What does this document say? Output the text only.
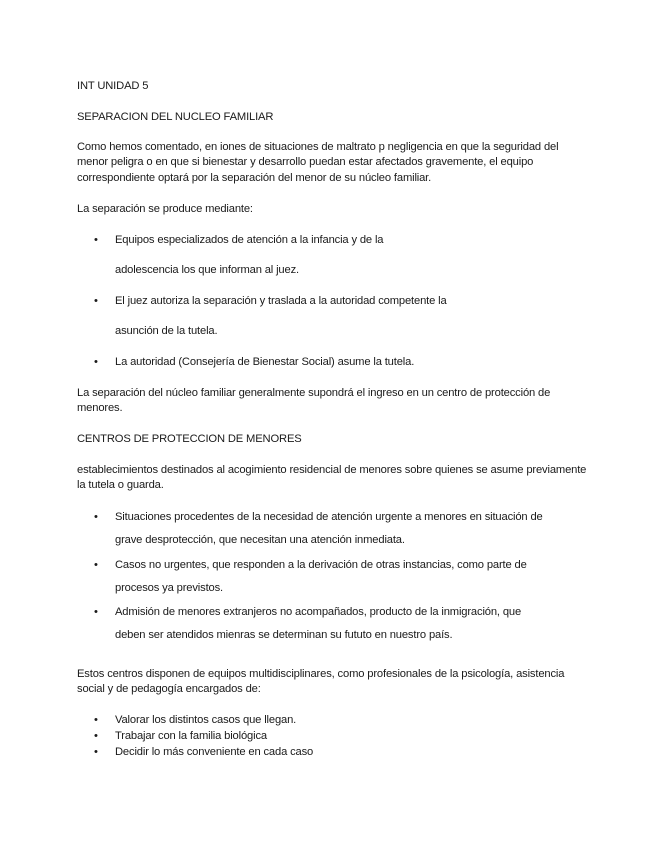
INT UNIDAD 5

SEPARACION DEL NUCLEO FAMILIAR

Como hemos comentado, en iones de situaciones de maltrato p negligencia en que la seguridad del menor peligra o en que si bienestar y desarrollo puedan estar afectados gravemente, el equipo correspondiente optará por la separación del menor de su núcleo familiar.

La separación se produce mediante:

• Equipos especializados de atención a la infancia y de la
adolescencia los que informan al juez.
• El juez autoriza la separación y traslada a la autoridad competente la
asunción de la tutela.
• La autoridad (Consejería de Bienestar Social) asume la tutela.

La separación del núcleo familiar generalmente supondrá el ingreso en un centro de protección de menores.

CENTROS DE PROTECCION DE MENORES

establecimientos destinados al acogimiento residencial de menores sobre quienes se asume previamente la tutela o guarda.

• Situaciones procedentes de la necesidad de atención urgente a menores en situación de
grave desprotección, que necesitan una atención inmediata.
• Casos no urgentes, que responden a la derivación de otras instancias, como parte de
procesos ya previstos.
• Admisión de menores extranjeros no acompañados, producto de la inmigración, que
deben ser atendidos mienras se determinan su fututo en nuestro país.

Estos centros disponen de equipos multidisciplinares, como profesionales de la psicología, asistencia social y de pedagogía encargados de:

• Valorar los distintos casos que llegan.
• Trabajar con la familia biológica
• Decidir lo más conveniente en cada caso
